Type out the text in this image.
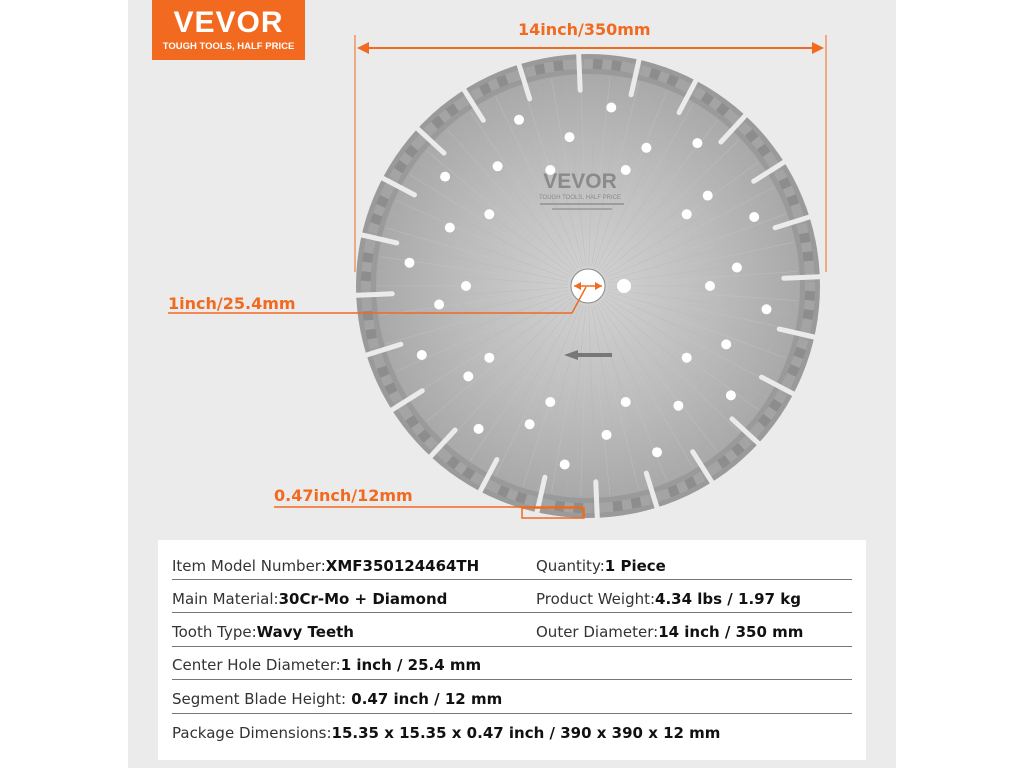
VEVOR
TOUGH TOOLS, HALF PRICE
VEVOR
TOUGH TOOLS, HALF PRICE
14inch/350mm
1inch/25.4mm
0.47inch/12mm
Item Model Number:XMF350124464TH	Quantity:1 Piece
Main Material:30Cr-Mo + Diamond	Product Weight:4.34 lbs / 1.97 kg
Tooth Type:Wavy Teeth	Outer Diameter:14 inch / 350 mm
Center Hole Diameter:1 inch / 25.4 mm
Segment Blade Height: 0.47 inch / 12 mm
Package Dimensions:15.35 x 15.35 x 0.47 inch / 390 x 390 x 12 mm
